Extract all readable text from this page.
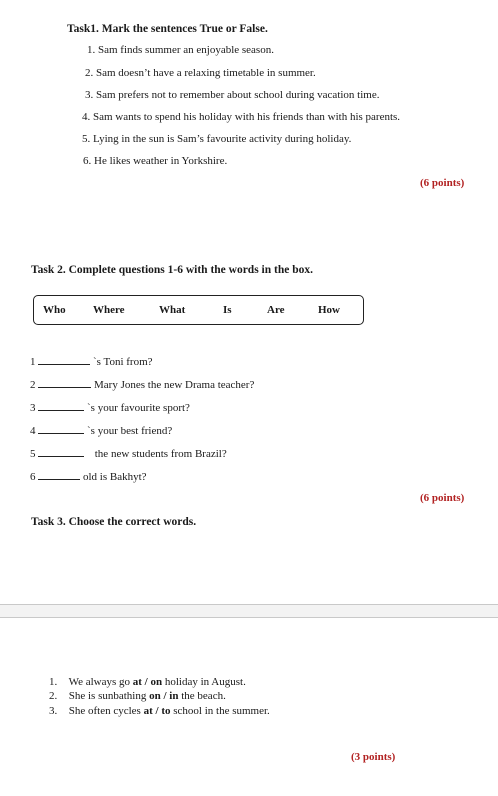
Task1. Mark the sentences True or False.
1. Sam finds summer an enjoyable season.
2. Sam doesn’t have a relaxing timetable in summer.
3. Sam prefers not to remember about school during vacation time.
4. Sam wants to spend his holiday with his friends than with his parents.
5. Lying in the sun is Sam’s favourite activity during holiday.
6. He likes weather in Yorkshire.
(6 points)
Task 2. Complete questions 1-6 with the words in the box.
Who Where	What	Is	Are	How
1	`s Toni from?
2	Mary Jones the new Drama teacher?
3	`s your favourite sport?
4	`s your best friend?
5	the new students from Brazil?
6	old is Bakhyt?
(6 points)
Task 3. Choose the correct words.
1. We always go at / on holiday in August.
2. She is sunbathing on / in the beach.
3. She often cycles at / to school in the summer.
(3 points)
